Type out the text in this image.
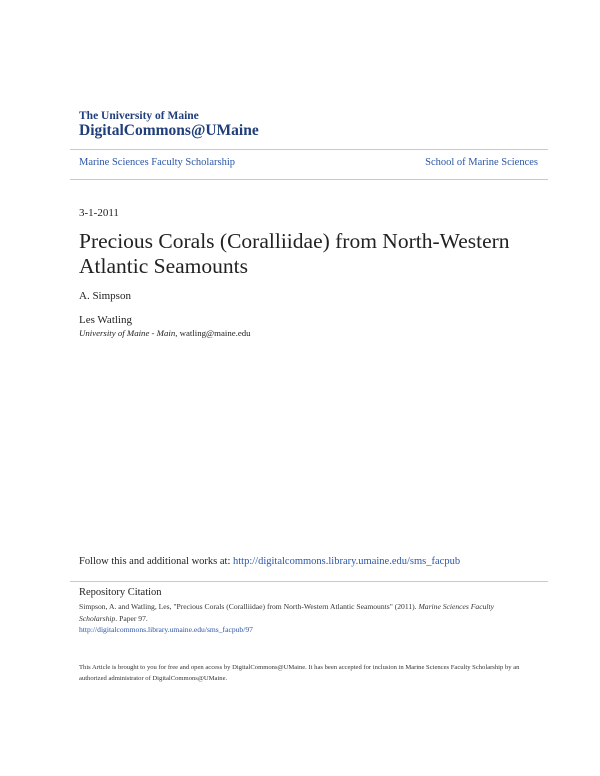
The University of Maine
DigitalCommons@UMaine
Marine Sciences Faculty Scholarship	School of Marine Sciences
3-1-2011
Precious Corals (Coralliidae) from North-Western Atlantic Seamounts
A. Simpson
Les Watling
University of Maine - Main, watling@maine.edu
Follow this and additional works at: http://digitalcommons.library.umaine.edu/sms_facpub
Repository Citation
Simpson, A. and Watling, Les, "Precious Corals (Coralliidae) from North-Western Atlantic Seamounts" (2011). Marine Sciences Faculty Scholarship. Paper 97.
http://digitalcommons.library.umaine.edu/sms_facpub/97
This Article is brought to you for free and open access by DigitalCommons@UMaine. It has been accepted for inclusion in Marine Sciences Faculty Scholarship by an authorized administrator of DigitalCommons@UMaine.
